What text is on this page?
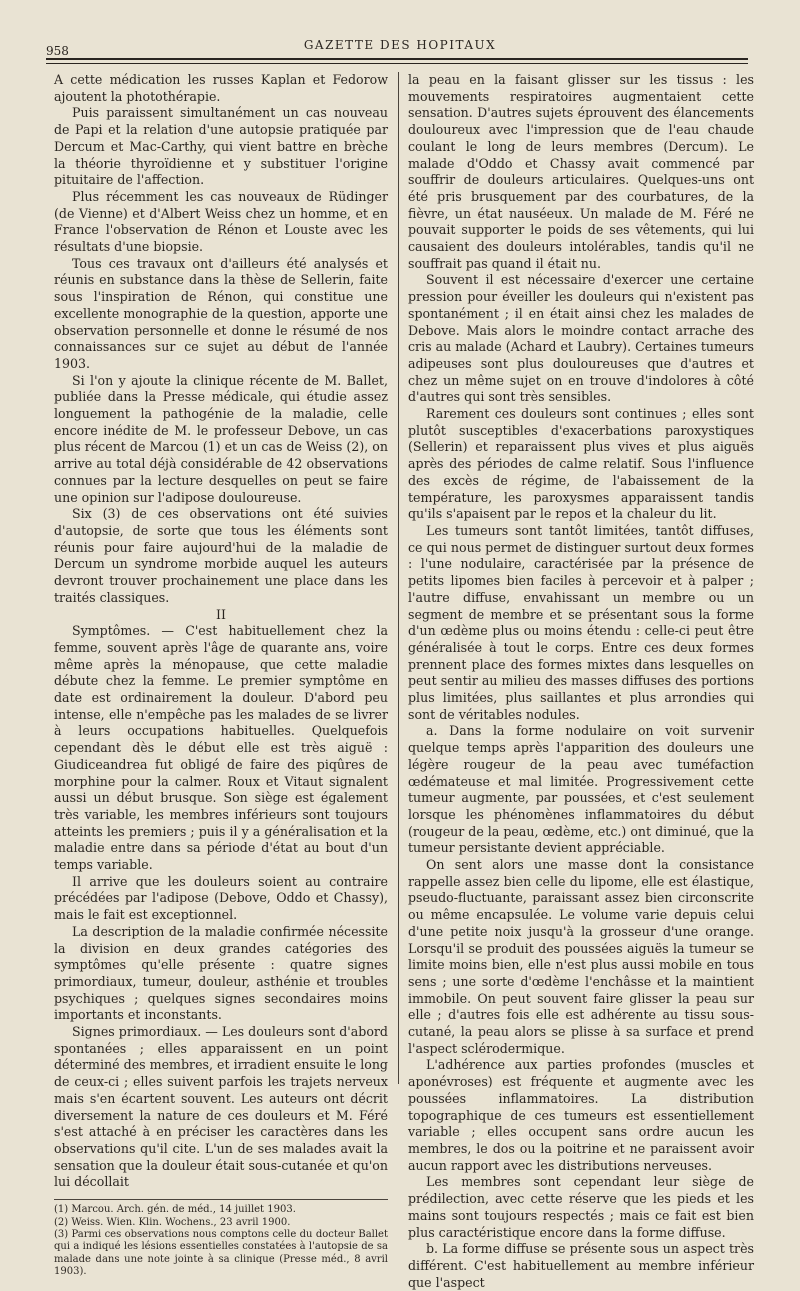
958	GAZETTE DES HOPITAUX

A cette médication les russes Kaplan et Fedorow ajoutent la photothérapie.

Puis paraissent simultanément un cas nouveau de Papi et la relation d'une autopsie pratiquée par Dercum et Mac-Carthy, qui vient battre en brèche la théorie thyroïdienne et y substituer l'origine pituitaire de l'affection.

Plus récemment les cas nouveaux de Rüdinger (de Vienne) et d'Albert Weiss chez un homme, et en France l'observation de Rénon et Louste avec les résultats d'une biopsie.

Tous ces travaux ont d'ailleurs été analysés et réunis en substance dans la thèse de Sellerin, faite sous l'inspiration de Rénon, qui constitue une excellente monographie de la question, apporte une observation personnelle et donne le résumé de nos connaissances sur ce sujet au début de l'année 1903.

Si l'on y ajoute la clinique récente de M. Ballet, publiée dans la Presse médicale, qui étudie assez longuement la pathogénie de la maladie, celle encore inédite de M. le professeur Debove, un cas plus récent de Marcou (1) et un cas de Weiss (2), on arrive au total déjà considérable de 42 observations connues par la lecture desquelles on peut se faire une opinion sur l'adipose douloureuse.

Six (3) de ces observations ont été suivies d'autopsie, de sorte que tous les éléments sont réunis pour faire aujourd'hui de la maladie de Dercum un syndrome morbide auquel les auteurs devront trouver prochainement une place dans les traités classiques.

II

Symptômes. — C'est habituellement chez la femme, souvent après l'âge de quarante ans, voire même après la ménopause, que cette maladie débute chez la femme. Le premier symptôme en date est ordinairement la douleur. D'abord peu intense, elle n'empêche pas les malades de se livrer à leurs occupations habituelles. Quelquefois cependant dès le début elle est très aiguë : Giudiceandrea fut obligé de faire des piqûres de morphine pour la calmer. Roux et Vitaut signalent aussi un début brusque. Son siège est également très variable, les membres inférieurs sont toujours atteints les premiers ; puis il y a généralisation et la maladie entre dans sa période d'état au bout d'un temps variable.

Il arrive que les douleurs soient au contraire précédées par l'adipose (Debove, Oddo et Chassy), mais le fait est exceptionnel.

La description de la maladie confirmée nécessite la division en deux grandes catégories des symptômes qu'elle présente : quatre signes primordiaux, tumeur, douleur, asthénie et troubles psychiques ; quelques signes secondaires moins importants et inconstants.

Signes primordiaux. — Les douleurs sont d'abord spontanées ; elles apparaissent en un point déterminé des membres, et irradient ensuite le long de ceux-ci ; elles suivent parfois les trajets nerveux mais s'en écartent souvent. Les auteurs ont décrit diversement la nature de ces douleurs et M. Féré s'est attaché à en préciser les caractères dans les observations qu'il cite. L'un de ses malades avait la sensation que la douleur était sous-cutanée et qu'on lui décollait

(1) Marcou. Arch. gén. de méd., 14 juillet 1903.

(2) Weiss. Wien. Klin. Wochens., 23 avril 1900.

(3) Parmi ces observations nous comptons celle du docteur Ballet qui a indiqué les lésions essentielles constatées à l'autopsie de sa malade dans une note jointe à sa clinique (Presse méd., 8 avril 1903).

la peau en la faisant glisser sur les tissus : les mouvements respiratoires augmentaient cette sensation. D'autres sujets éprouvent des élancements douloureux avec l'impression que de l'eau chaude coulant le long de leurs membres (Dercum). Le malade d'Oddo et Chassy avait commencé par souffrir de douleurs articulaires. Quelques-uns ont été pris brusquement par des courbatures, de la fièvre, un état nauséeux. Un malade de M. Féré ne pouvait supporter le poids de ses vêtements, qui lui causaient des douleurs intolérables, tandis qu'il ne souffrait pas quand il était nu.

Souvent il est nécessaire d'exercer une certaine pression pour éveiller les douleurs qui n'existent pas spontanément ; il en était ainsi chez les malades de Debove. Mais alors le moindre contact arrache des cris au malade (Achard et Laubry). Certaines tumeurs adipeuses sont plus douloureuses que d'autres et chez un même sujet on en trouve d'indolores à côté d'autres qui sont très sensibles.

Rarement ces douleurs sont continues ; elles sont plutôt susceptibles d'exacerbations paroxystiques (Sellerin) et reparaissent plus vives et plus aiguës après des périodes de calme relatif. Sous l'influence des excès de régime, de l'abaissement de la température, les paroxysmes apparaissent tandis qu'ils s'apaisent par le repos et la chaleur du lit.

Les tumeurs sont tantôt limitées, tantôt diffuses, ce qui nous permet de distinguer surtout deux formes : l'une nodulaire, caractérisée par la présence de petits lipomes bien faciles à percevoir et à palper ; l'autre diffuse, envahissant un membre ou un segment de membre et se présentant sous la forme d'un œdème plus ou moins étendu : celle-ci peut être généralisée à tout le corps. Entre ces deux formes prennent place des formes mixtes dans lesquelles on peut sentir au milieu des masses diffuses des portions plus limitées, plus saillantes et plus arrondies qui sont de véritables nodules.

a. Dans la forme nodulaire on voit survenir quelque temps après l'apparition des douleurs une légère rougeur de la peau avec tuméfaction œdémateuse et mal limitée. Progressivement cette tumeur augmente, par poussées, et c'est seulement lorsque les phénomènes inflammatoires du début (rougeur de la peau, œdème, etc.) ont diminué, que la tumeur persistante devient appréciable.

On sent alors une masse dont la consistance rappelle assez bien celle du lipome, elle est élastique, pseudo-fluctuante, paraissant assez bien circonscrite ou même encapsulée. Le volume varie depuis celui d'une petite noix jusqu'à la grosseur d'une orange. Lorsqu'il se produit des poussées aiguës la tumeur se limite moins bien, elle n'est plus aussi mobile en tous sens ; une sorte d'œdème l'enchâsse et la maintient immobile. On peut souvent faire glisser la peau sur elle ; d'autres fois elle est adhérente au tissu sous-cutané, la peau alors se plisse à sa surface et prend l'aspect sclérodermique.

L'adhérence aux parties profondes (muscles et aponévroses) est fréquente et augmente avec les poussées inflammatoires. La distribution topographique de ces tumeurs est essentiellement variable ; elles occupent sans ordre aucun les membres, le dos ou la poitrine et ne paraissent avoir aucun rapport avec les distributions nerveuses.

Les membres sont cependant leur siège de prédilection, avec cette réserve que les pieds et les mains sont toujours respectés ; mais ce fait est bien plus caractéristique encore dans la forme diffuse.

b. La forme diffuse se présente sous un aspect très différent. C'est habituellement au membre inférieur que l'aspect
